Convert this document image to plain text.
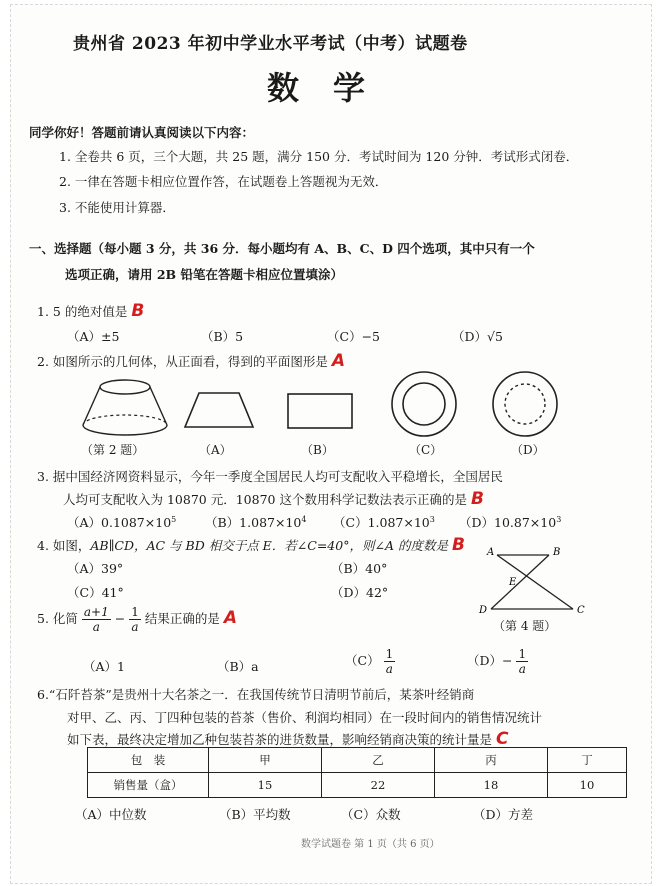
贵州省 2023 年初中学业水平考试（中考）试题卷
数学
同学你好！答题前请认真阅读以下内容：
1. 全卷共 6 页，三个大题，共 25 题，满分 150 分．考试时间为 120 分钟．考试形式闭卷．
2. 一律在答题卡相应位置作答，在试题卷上答题视为无效．
3. 不能使用计算器．
一、选择题（每小题 3 分，共 36 分．每小题均有 A、B、C、D 四个选项，其中只有一个
选项正确，请用 2B 铅笔在答题卡相应位置填涂）
1. 5 的绝对值是 B
（A）±5	（B）5	（C）−5	（D）√5
2. 如图所示的几何体，从正面看，得到的平面图形是 A
（第 2 题）	（A）	（B）	（C）	（D）
3. 据中国经济网资料显示，今年一季度全国居民人均可支配收入平稳增长，全国居民
人均可支配收入为 10870 元．10870 这个数用科学记数法表示正确的是 B
$(A)0.1087\times 10^5$ $(B)1.087\times 10^4$ $(C)1.087\times 10^3$ $(D)10.87\times 10^3$
4. 如图，AB∥CD，AC 与 BD 相交于点 E．若∠C=40°，则∠A 的度数是 B
（A）39°	（B）40°
（C）41°	（D）42°
A	B
E
D	C
（第 4 题）
5. 化简 $\frac{a+1}{a} - \frac{1}{a}$ 结果正确的是 A
（A）1	（B）a	$(C) \frac{1}{a}$	$(D)- \frac{1}{a}$
6.“石阡苔茶”是贵州十大名茶之一．在我国传统节日清明节前后，某茶叶经销商
对甲、乙、丙、丁四种包装的苔茶（售价、利润均相同）在一段时间内的销售情况统计
如下表，最终决定增加乙种包装苔茶的进货数量，影响经销商决策的统计量是 C
包　装	甲	乙	丙	丁
销售量（盒）	15	22	18	10
（A）中位数	（B）平均数	（C）众数	（D）方差
数学试题卷 第 1 页（共 6 页）
